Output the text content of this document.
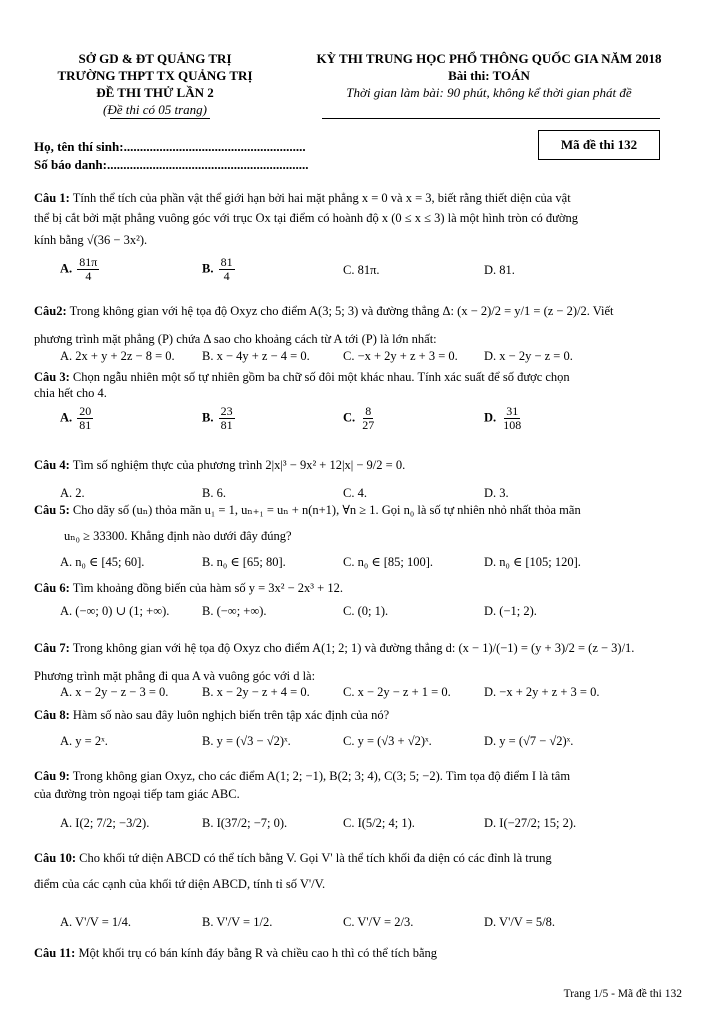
SỞ GD & ĐT QUẢNG TRỊ
TRƯỜNG THPT TX QUẢNG TRỊ
ĐỀ THI THỬ LẦN 2
(Đề thi có 05 trang)
KỲ THI TRUNG HỌC PHỔ THÔNG QUỐC GIA NĂM 2018
Bài thi: TOÁN
Thời gian làm bài: 90 phút, không kể thời gian phát đề
Họ, tên thí sinh:........................................................
Số báo danh:..............................................................
Mã đề thi 132
Câu 1: Tính thể tích của phần vật thể giới hạn bởi hai mặt phẳng x = 0 và x = 3, biết rằng thiết diện của vật
thể bị cắt bởi mặt phẳng vuông góc với trục Ox tại điểm có hoành độ x (0 ≤ x ≤ 3) là một hình tròn có đường
kính bằng √(36 − 3x²).
A. $\frac{81\pi}{4}$	B. $\frac{81}{4}$	C. 81π.	D. 81.
Câu2: Trong không gian với hệ tọa độ Oxyz cho điểm A(3; 5; 3) và đường thẳng Δ: (x − 2)/2 = y/1 = (z − 2)/2. Viết
phương trình mặt phẳng (P) chứa Δ sao cho khoảng cách từ A tới (P) là lớn nhất:
A. 2x + y + 2z − 8 = 0. B. x − 4y + z − 4 = 0.	C. −x + 2y + z + 3 = 0. D. x − 2y − z = 0.
Câu 3: Chọn ngẫu nhiên một số tự nhiên gồm ba chữ số đôi một khác nhau. Tính xác suất để số được chọn
chia hết cho 4.
A. $\frac{20}{81}$	B. $\frac{23}{81}$	C. $\frac{8}{27}$	D. $\frac{31}{108}$
Câu 4: Tìm số nghiệm thực của phương trình 2|x|³ − 9x² + 12|x| − 9/2 = 0.
A. 2.	B. 6.	C. 4.	D. 3.
Câu 5: Cho dãy số (uₙ) thỏa mãn u₁ = 1, uₙ₊₁ = uₙ + n(n+1), ∀n ≥ 1. Gọi n₀ là số tự nhiên nhỏ nhất thỏa mãn
uₙ₀ ≥ 33300. Khẳng định nào dưới đây đúng?
A. n₀ ∈ [45; 60].	B. n₀ ∈ [65; 80].	C. n₀ ∈ [85; 100].	D. n₀ ∈ [105; 120].
Câu 6: Tìm khoảng đồng biến của hàm số y = 3x² − 2x³ + 12.
A. (−∞; 0) ∪ (1; +∞).	B. (−∞; +∞).	C. (0; 1).	D. (−1; 2).
Câu 7: Trong không gian với hệ tọa độ Oxyz cho điểm A(1; 2; 1) và đường thẳng d: (x − 1)/(−1) = (y + 3)/2 = (z − 3)/1.
Phương trình mặt phẳng đi qua A và vuông góc với d là:
A. x − 2y − z − 3 = 0.	B. x − 2y − z + 4 = 0.	C. x − 2y − z + 1 = 0.	D. −x + 2y + z + 3 = 0.
Câu 8: Hàm số nào sau đây luôn nghịch biến trên tập xác định của nó?
A. y = 2ˣ.	B. y = (√3 − √2)ˣ.	C. y = (√3 + √2)ˣ.	D. y = (√7 − √2)ˣ.
Câu 9: Trong không gian Oxyz, cho các điểm A(1; 2; −1), B(2; 3; 4), C(3; 5; −2). Tìm tọa độ điểm I là tâm
của đường tròn ngoại tiếp tam giác ABC.
A. I(2; 7/2; −3/2).	B. I(37/2; −7; 0).	C. I(5/2; 4; 1).	D. I(−27/2; 15; 2).
Câu 10: Cho khối tứ diện ABCD có thể tích bằng V. Gọi V' là thể tích khối đa diện có các đỉnh là trung
điểm của các cạnh của khối tứ diện ABCD, tính tỉ số V'/V.
A. V'/V = 1/4.	B. V'/V = 1/2.	C. V'/V = 2/3.	D. V'/V = 5/8.
Câu 11: Một khối trụ có bán kính đáy bằng R và chiều cao h thì có thể tích bằng
Trang 1/5 - Mã đề thi 132
